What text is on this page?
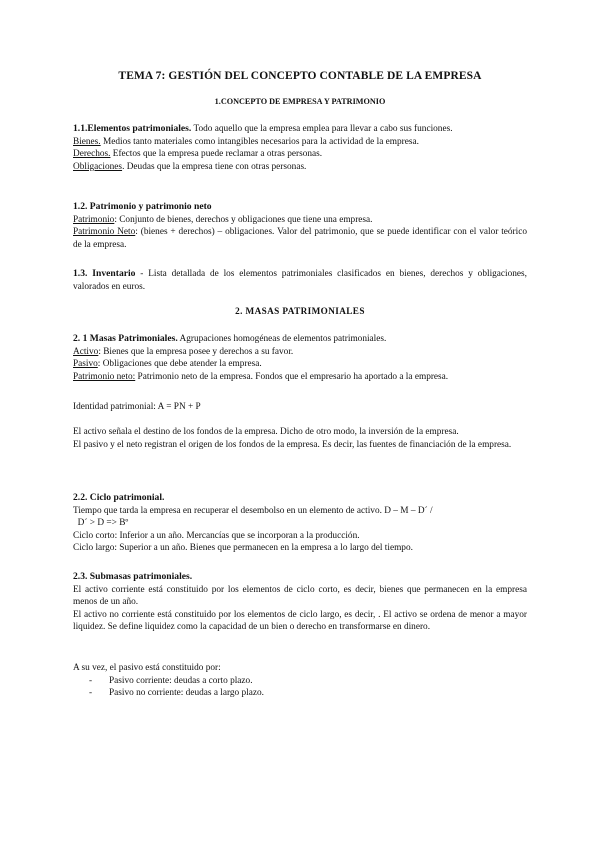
TEMA 7: GESTIÓN DEL CONCEPTO CONTABLE DE LA EMPRESA
1.CONCEPTO DE EMPRESA Y PATRIMONIO

1.1.Elementos patrimoniales. Todo aquello que la empresa emplea para llevar a cabo sus funciones.

Bienes. Medios tanto materiales como intangibles necesarios para la actividad de la empresa.

Derechos. Efectos que la empresa puede reclamar a otras personas.

Obligaciones. Deudas que la empresa tiene con otras personas.

1.2. Patrimonio y patrimonio neto

Patrimonio: Conjunto de bienes, derechos y obligaciones que tiene una empresa.

Patrimonio Neto: (bienes + derechos) – obligaciones. Valor del patrimonio, que se puede identificar con el valor teórico de la empresa.

1.3. Inventario - Lista detallada de los elementos patrimoniales clasificados en bienes, derechos y obligaciones, valorados en euros.

2. MASAS PATRIMONIALES

2. 1 Masas Patrimoniales. Agrupaciones homogéneas de elementos patrimoniales.

Activo: Bienes que la empresa posee y derechos a su favor.

Pasivo: Obligaciones que debe atender la empresa.

Patrimonio neto: Patrimonio neto de la empresa. Fondos que el empresario ha aportado a la empresa.

Identidad patrimonial: A = PN + P

El activo señala el destino de los fondos de la empresa. Dicho de otro modo, la inversión de la empresa.

El pasivo y el neto registran el origen de los fondos de la empresa. Es decir, las fuentes de financiación de la empresa.

2.2. Ciclo patrimonial.

Tiempo que tarda la empresa en recuperar el desembolso en un elemento de activo. D – M – D´ /

D´ > D => Bº

Ciclo corto: Inferior a un año. Mercancías que se incorporan a la producción.

Ciclo largo: Superior a un año. Bienes que permanecen en la empresa a lo largo del tiempo.

2.3. Submasas patrimoniales.

El activo corriente está constituido por los elementos de ciclo corto, es decir, bienes que permanecen en la empresa menos de un año.

El activo no corriente está constituido por los elementos de ciclo largo, es decir, . El activo se ordena de menor a mayor liquidez. Se define liquidez como la capacidad de un bien o derecho en transformarse en dinero.

A su vez, el pasivo está constituido por:

- Pasivo corriente: deudas a corto plazo.
- Pasivo no corriente: deudas a largo plazo.
